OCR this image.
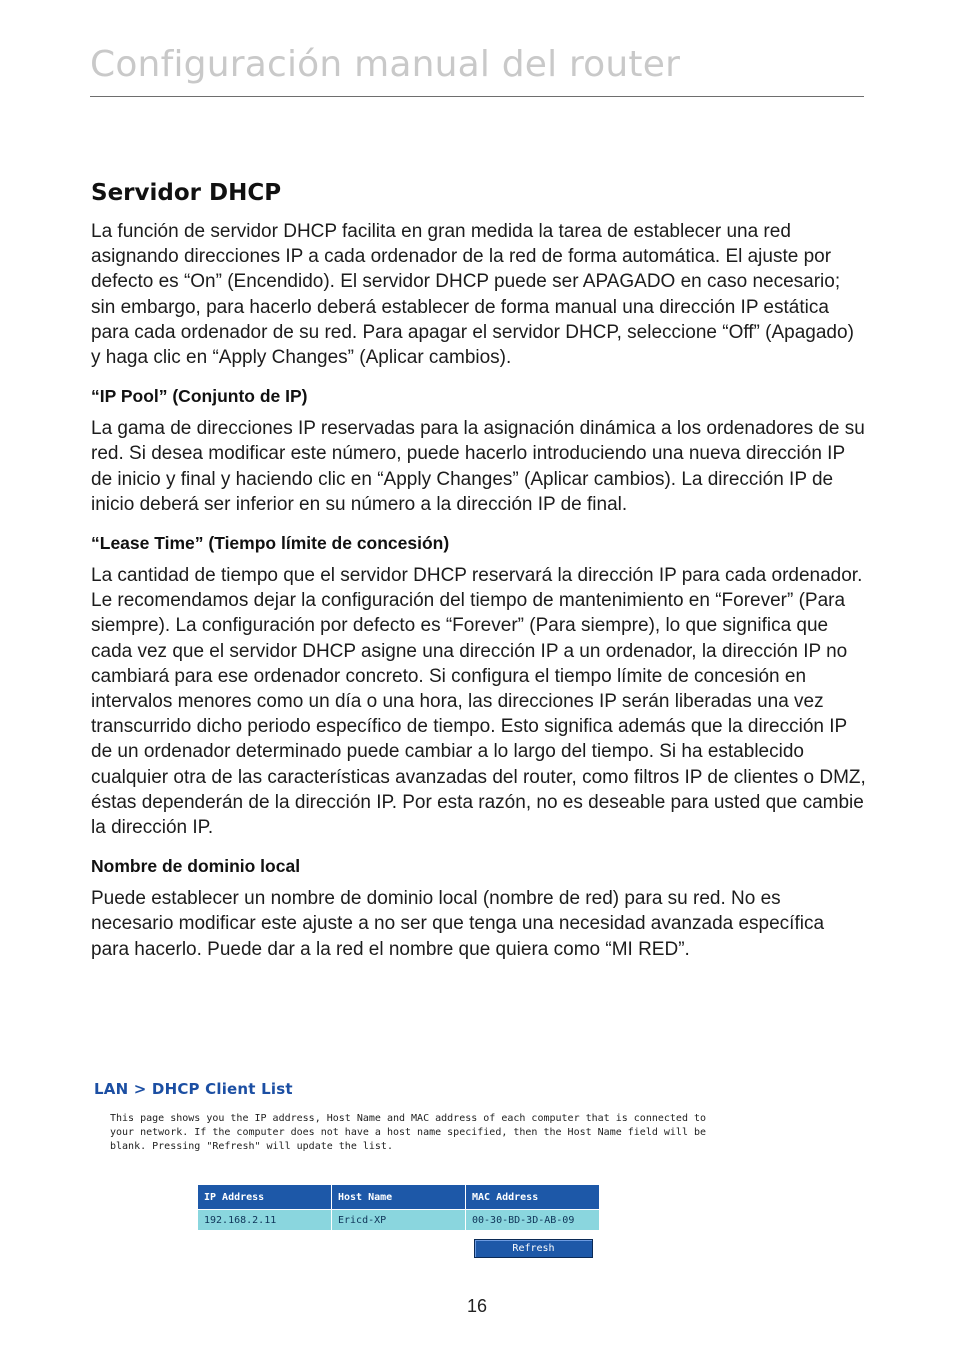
Configuración manual del router
Servidor DHCP

La función de servidor DHCP facilita en gran medida la tarea de establecer una red asignando direcciones IP a cada ordenador de la red de forma automática. El ajuste por defecto es “On” (Encendido). El servidor DHCP puede ser APAGADO en caso necesario; sin embargo, para hacerlo deberá establecer de forma manual una dirección IP estática para cada ordenador de su red. Para apagar el servidor DHCP, seleccione “Off” (Apagado) y haga clic en “Apply Changes” (Aplicar cambios).

“IP Pool” (Conjunto de IP)

La gama de direcciones IP reservadas para la asignación dinámica a los ordenadores de su red. Si desea modificar este número, puede hacerlo introduciendo una nueva dirección IP de inicio y final y haciendo clic en “Apply Changes” (Aplicar cambios). La dirección IP de inicio deberá ser inferior en su número a la dirección IP de final.

“Lease Time” (Tiempo límite de concesión)

La cantidad de tiempo que el servidor DHCP reservará la dirección IP para cada ordenador. Le recomendamos dejar la configuración del tiempo de mantenimiento en “Forever” (Para siempre). La configuración por defecto es “Forever” (Para siempre), lo que significa que cada vez que el servidor DHCP asigne una dirección IP a un ordenador, la dirección IP no cambiará para ese ordenador concreto. Si configura el tiempo límite de concesión en intervalos menores como un día o una hora, las direcciones IP serán liberadas una vez transcurrido dicho periodo específico de tiempo. Esto significa además que la dirección IP de un ordenador determinado puede cambiar a lo largo del tiempo. Si ha establecido cualquier otra de las características avanzadas del router, como filtros IP de clientes o DMZ, éstas dependerán de la dirección IP. Por esta razón, no es deseable para usted que cambie la dirección IP.

Nombre de dominio local

Puede establecer un nombre de dominio local (nombre de red) para su red. No es necesario modificar este ajuste a no ser que tenga una necesidad avanzada específica para hacerlo. Puede dar a la red el nombre que quiera como “MI RED”.

LAN > DHCP Client List

This page shows you the IP address, Host Name and MAC address of each computer that is connected to your network. If the computer does not have a host name specified, then the Host Name field will be blank. Pressing "Refresh" will update the list.

IP Address	Host Name	MAC Address
192.168.2.11	Ericd-XP	00-30-BD-3D-AB-09
Refresh
16
